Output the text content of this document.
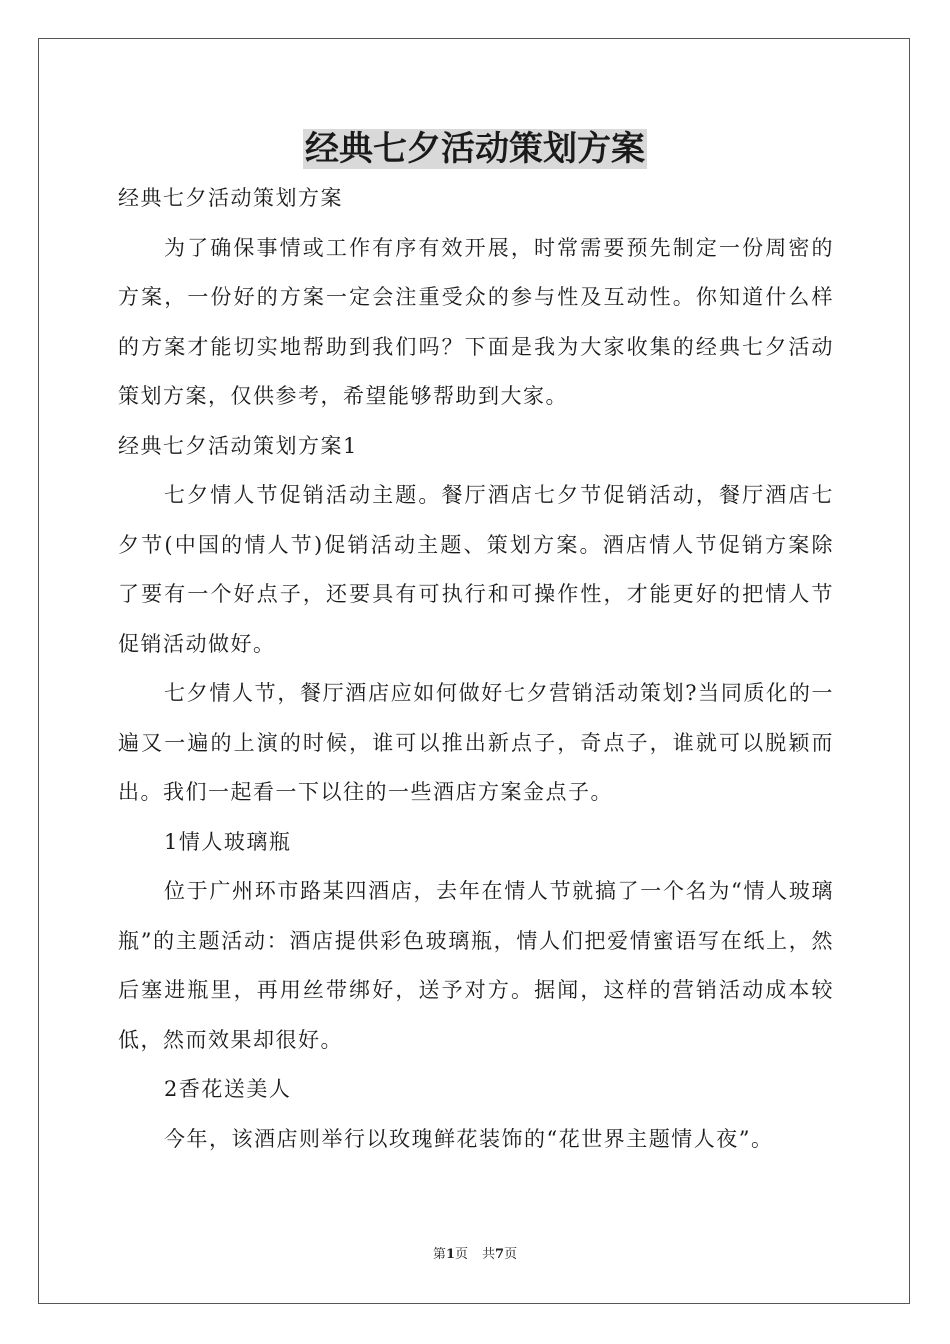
经典七夕活动策划方案

经典七夕活动策划方案

为了确保事情或工作有序有效开展，时常需要预先制定一份周密的方案，一份好的方案一定会注重受众的参与性及互动性。你知道什么样的方案才能切实地帮助到我们吗？下面是我为大家收集的经典七夕活动策划方案，仅供参考，希望能够帮助到大家。

经典七夕活动策划方案1

七夕情人节促销活动主题。餐厅酒店七夕节促销活动，餐厅酒店七夕节(中国的情人节)促销活动主题、策划方案。酒店情人节促销方案除了要有一个好点子，还要具有可执行和可操作性，才能更好的把情人节促销活动做好。

七夕情人节，餐厅酒店应如何做好七夕营销活动策划?当同质化的一遍又一遍的上演的时候，谁可以推出新点子，奇点子，谁就可以脱颖而出。我们一起看一下以往的一些酒店方案金点子。

1情人玻璃瓶

位于广州环市路某四酒店，去年在情人节就搞了一个名为“情人玻璃瓶”的主题活动：酒店提供彩色玻璃瓶，情人们把爱情蜜语写在纸上，然后塞进瓶里，再用丝带绑好，送予对方。据闻，这样的营销活动成本较低，然而效果却很好。

2香花送美人

今年，该酒店则举行以玫瑰鲜花装饰的“花世界主题情人夜”。

第1页 共7页
